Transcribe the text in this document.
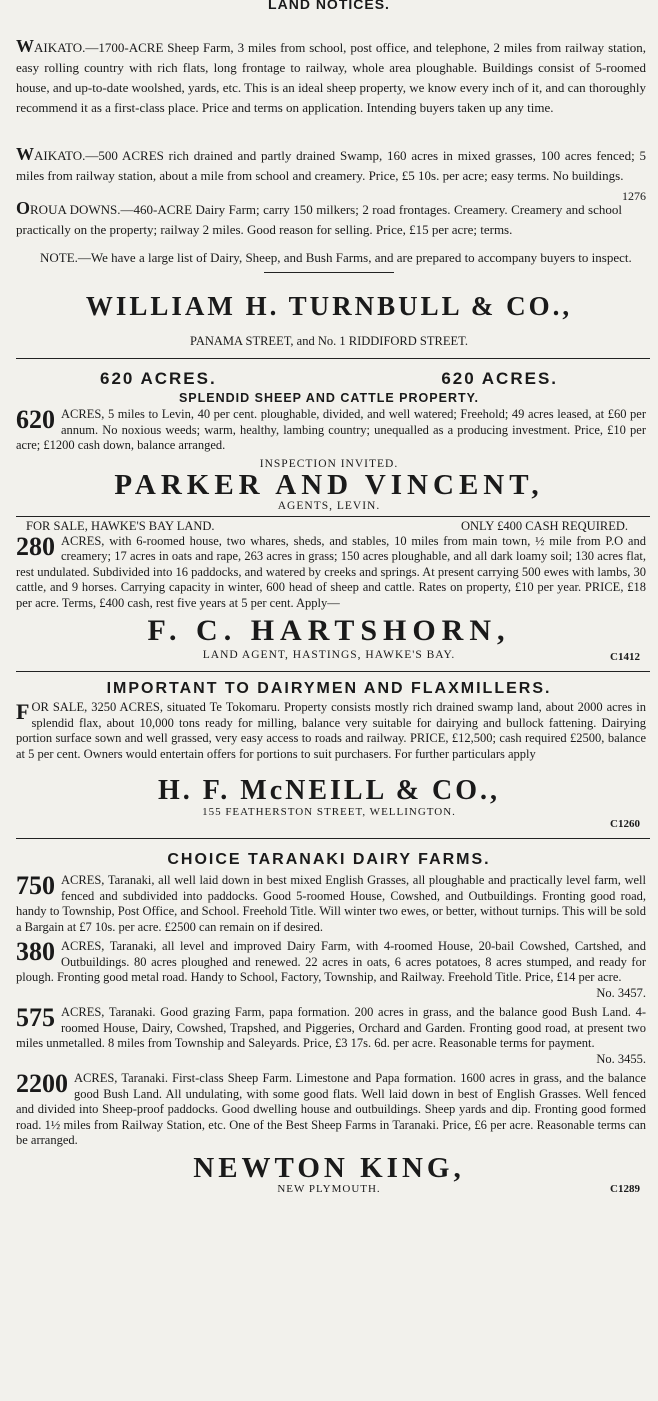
LAND NOTICES.

WAIKATO.—1700-ACRE Sheep Farm, 3 miles from school, post office, and telephone, 2 miles from railway station, easy rolling country with rich flats, long frontage to railway, whole area ploughable. Buildings consist of 5-roomed house, and up-to-date woolshed, yards, etc. This is an ideal sheep property, we know every inch of it, and can thoroughly recommend it as a first-class place. Price and terms on application. Intending buyers taken up any time.

WAIKATO.—500 ACRES rich drained and partly drained Swamp, 160 acres in mixed grasses, 100 acres fenced; 5 miles from railway station, about a mile from school and creamery. Price, £5 10s. per acre; easy terms. No buildings.
1276

OROUA DOWNS.—460-ACRE Dairy Farm; carry 150 milkers; 2 road frontages. Creamery. Creamery and school practically on the property; railway 2 miles. Good reason for selling. Price, £15 per acre; terms.

NOTE.—We have a large list of Dairy, Sheep, and Bush Farms, and are prepared to accompany buyers to inspect.

WILLIAM H. TURNBULL & CO.,
PANAMA STREET, and No. 1 RIDDIFORD STREET.
620 ACRES.	620 ACRES.
SPLENDID SHEEP AND CATTLE PROPERTY.
620 ACRES, 5 miles to Levin, 40 per cent. ploughable, divided, and well watered; Freehold; 49 acres leased, at £60 per annum. No noxious weeds; warm, healthy, lambing country; unequalled as a producing investment. Price, £10 per acre; £1200 cash down, balance arranged.
INSPECTION INVITED.
PARKER AND VINCENT,
AGENTS, LEVIN.
FOR SALE, HAWKE'S BAY LAND.	ONLY £400 CASH REQUIRED.
280 ACRES, with 6-roomed house, two whares, sheds, and stables, 10 miles from main town, ½ mile from P.O and creamery; 17 acres in oats and rape, 263 acres in grass; 150 acres ploughable, and all dark loamy soil; 130 acres flat, rest undulated. Subdivided into 16 paddocks, and watered by creeks and springs. At present carrying 500 ewes with lambs, 30 cattle, and 9 horses. Carrying capacity in winter, 600 head of sheep and cattle. Rates on property, £10 per year. PRICE, £18 per acre. Terms, £400 cash, rest five years at 5 per cent. Apply—
F. C. HARTSHORN,
LAND AGENT, HASTINGS, HAWKE'S BAY.	C1412
IMPORTANT TO DAIRYMEN AND FLAXMILLERS.

FOR SALE, 3250 ACRES, situated Te Tokomaru. Property consists mostly rich drained swamp land, about 2000 acres in splendid flax, about 10,000 tons ready for milling, balance very suitable for dairying and bullock fattening. Dairying portion surface sown and well grassed, very easy access to roads and railway. PRICE, £12,500; cash required £2500, balance at 5 per cent. Owners would entertain offers for portions to suit purchasers. For further particulars apply

H. F. McNEILL & CO.,
155 FEATHERSTON STREET, WELLINGTON.
C1260
CHOICE TARANAKI DAIRY FARMS.
750 ACRES, Taranaki, all well laid down in best mixed English Grasses, all ploughable and practically level farm, well fenced and subdivided into paddocks. Good 5-roomed House, Cowshed, and Outbuildings. Fronting good road, handy to Township, Post Office, and School. Freehold Title. Will winter two ewes, or better, without turnips. This will be sold a Bargain at £7 10s. per acre. £2500 can remain on if desired.
380 ACRES, Taranaki, all level and improved Dairy Farm, with 4-roomed House, 20-bail Cowshed, Cartshed, and Outbuildings. 80 acres ploughed and renewed. 22 acres in oats, 6 acres potatoes, 8 acres stumped, and ready for plough. Fronting good metal road. Handy to School, Factory, Township, and Railway. Freehold Title. Price, £14 per acre.
No. 3457.
575 ACRES, Taranaki. Good grazing Farm, papa formation. 200 acres in grass, and the balance good Bush Land. 4-roomed House, Dairy, Cowshed, Trapshed, and Piggeries, Orchard and Garden. Fronting good road, at present two miles unmetalled. 8 miles from Township and Saleyards. Price, £3 17s. 6d. per acre. Reasonable terms for payment.
No. 3455.
2200 ACRES, Taranaki. First-class Sheep Farm. Limestone and Papa formation. 1600 acres in grass, and the balance good Bush Land. All undulating, with some good flats. Well laid down in best of English Grasses. Well fenced and divided into Sheep-proof paddocks. Good dwelling house and outbuildings. Sheep yards and dip. Fronting good formed road. 1½ miles from Railway Station, etc. One of the Best Sheep Farms in Taranaki. Price, £6 per acre. Reasonable terms can be arranged.
NEWTON KING,
NEW PLYMOUTH.	C1289
